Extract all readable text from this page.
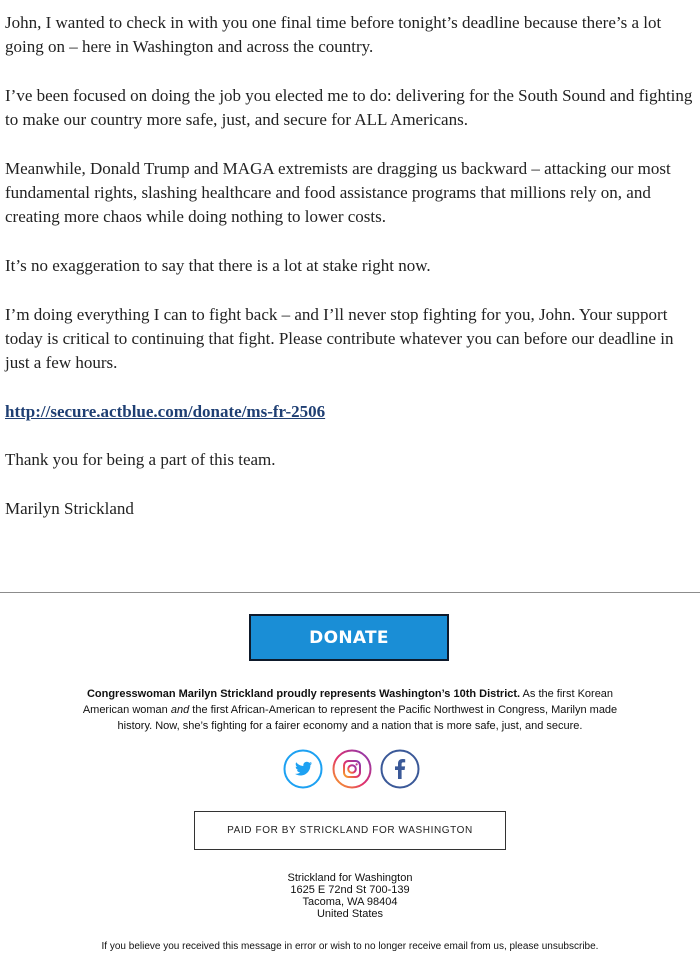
John, I wanted to check in with you one final time before tonight’s deadline because there’s a lot going on – here in Washington and across the country.

I’ve been focused on doing the job you elected me to do: delivering for the South Sound and fighting to make our country more safe, just, and secure for ALL Americans.

Meanwhile, Donald Trump and MAGA extremists are dragging us backward – attacking our most fundamental rights, slashing healthcare and food assistance programs that millions rely on, and creating more chaos while doing nothing to lower costs.

It’s no exaggeration to say that there is a lot at stake right now.

I’m doing everything I can to fight back – and I’ll never stop fighting for you, John. Your support today is critical to continuing that fight. Please contribute whatever you can before our deadline in just a few hours.

http://secure.actblue.com/donate/ms-fr-2506

Thank you for being a part of this team.

Marilyn Strickland

DONATE
Congresswoman Marilyn Strickland proudly represents Washington’s 10th District. As the first Korean American woman and the first African-American to represent the Pacific Northwest in Congress, Marilyn made history. Now, she’s fighting for a fairer economy and a nation that is more safe, just, and secure.
PAID FOR BY STRICKLAND FOR WASHINGTON
Strickland for Washington
1625 E 72nd St 700-139
Tacoma, WA 98404
United States
If you believe you received this message in error or wish to no longer receive email from us, please unsubscribe.
